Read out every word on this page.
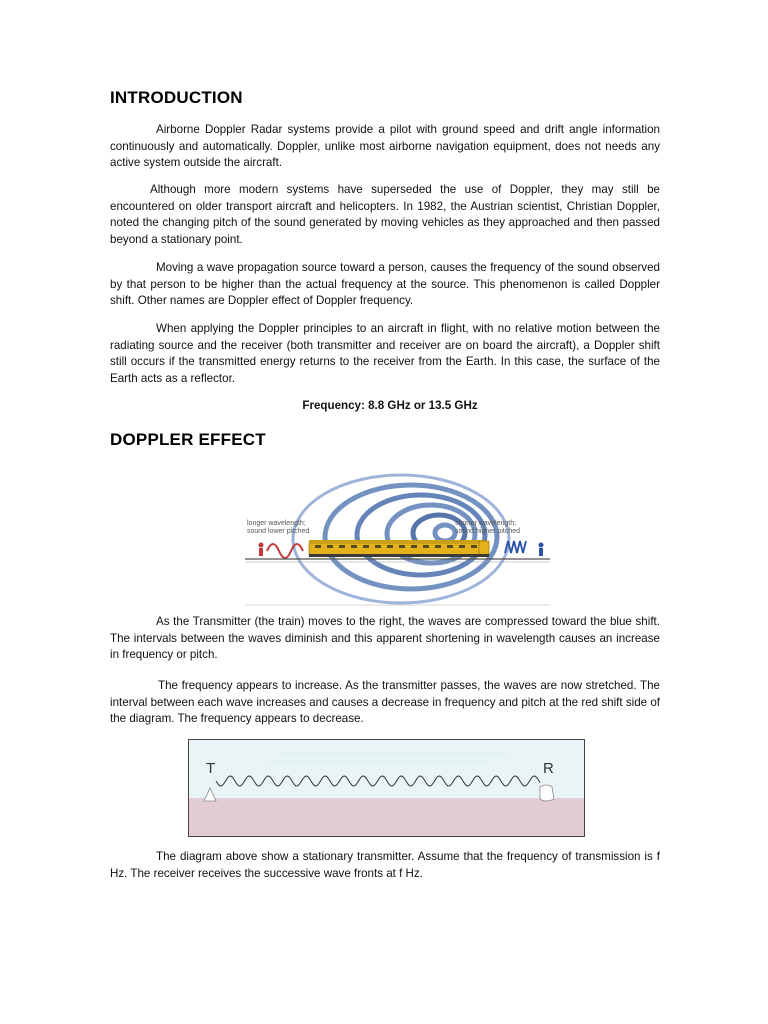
INTRODUCTION

Airborne Doppler Radar systems provide a pilot with ground speed and drift angle information continuously and automatically. Doppler, unlike most airborne navigation equipment, does not needs any active system outside the aircraft.

Although more modern systems have superseded the use of Doppler, they may still be encountered on older transport aircraft and helicopters. In 1982, the Austrian scientist, Christian Doppler, noted the changing pitch of the sound generated by moving vehicles as they approached and then passed beyond a stationary point.

Moving a wave propagation source toward a person, causes the frequency of the sound observed by that person to be higher than the actual frequency at the source. This phenomenon is called Doppler shift. Other names are Doppler effect of Doppler frequency.

When applying the Doppler principles to an aircraft in flight, with no relative motion between the radiating source and the receiver (both transmitter and receiver are on board the aircraft), a Doppler shift still occurs if the transmitted energy returns to the receiver from the Earth. In this case, the surface of the Earth acts as a reflector.

Frequency: 8.8 GHz or 13.5 GHz
DOPPLER EFFECT
longer wavelength;
sound lower pitched
shorter wavelength;
sound higher pitched

As the Transmitter (the train) moves to the right, the waves are compressed toward the blue shift. The intervals between the waves diminish and this apparent shortening in wavelength causes an increase in frequency or pitch.

The frequency appears to increase. As the transmitter passes, the waves are now stretched. The interval between each wave increases and causes a decrease in frequency and pitch at the red shift side of the diagram. The frequency appears to decrease.

T	R

The diagram above show a stationary transmitter. Assume that the frequency of transmission is f Hz. The receiver receives the successive wave fronts at f Hz.
